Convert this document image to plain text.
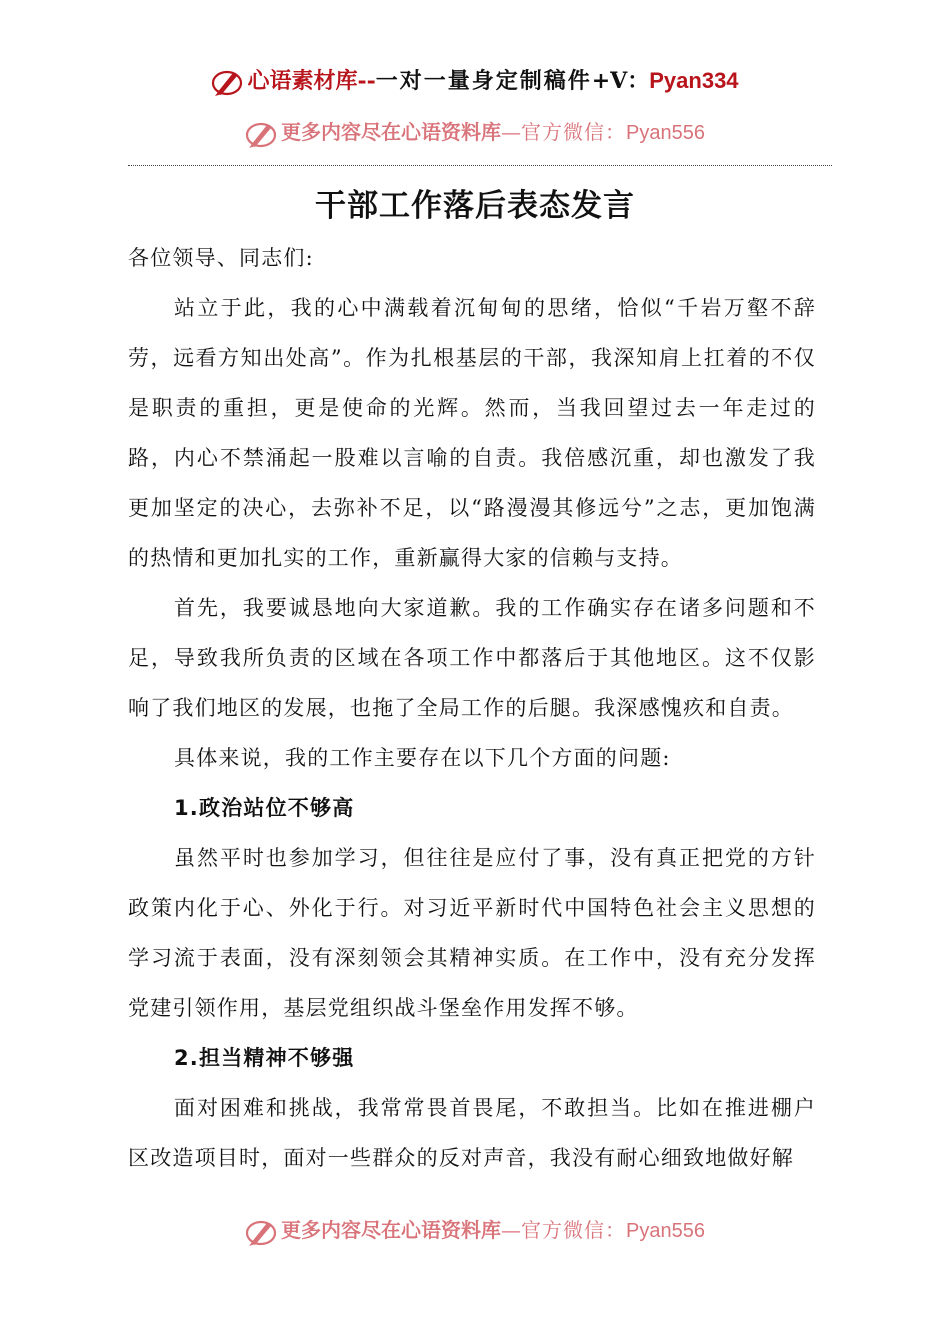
心语素材库--一对一量身定制稿件+V：Pyan334
更多内容尽在心语资料库—官方微信：Pyan556
干部工作落后表态发言

各位领导、同志们:

站立于此，我的心中满载着沉甸甸的思绪，恰似“千岩万壑不辞劳，远看方知出处高”。作为扎根基层的干部，我深知肩上扛着的不仅是职责的重担，更是使命的光辉。然而，当我回望过去一年走过的路，内心不禁涌起一股难以言喻的自责。我倍感沉重，却也激发了我更加坚定的决心，去弥补不足，以“路漫漫其修远兮”之志，更加饱满的热情和更加扎实的工作，重新赢得大家的信赖与支持。

首先，我要诚恳地向大家道歉。我的工作确实存在诸多问题和不足，导致我所负责的区域在各项工作中都落后于其他地区。这不仅影响了我们地区的发展，也拖了全局工作的后腿。我深感愧疚和自责。

具体来说，我的工作主要存在以下几个方面的问题:

1.政治站位不够高

虽然平时也参加学习，但往往是应付了事，没有真正把党的方针政策内化于心、外化于行。对习近平新时代中国特色社会主义思想的学习流于表面，没有深刻领会其精神实质。在工作中，没有充分发挥党建引领作用，基层党组织战斗堡垒作用发挥不够。

2.担当精神不够强

面对困难和挑战，我常常畏首畏尾，不敢担当。比如在推进棚户区改造项目时，面对一些群众的反对声音，我没有耐心细致地做好解

更多内容尽在心语资料库—官方微信：Pyan556
